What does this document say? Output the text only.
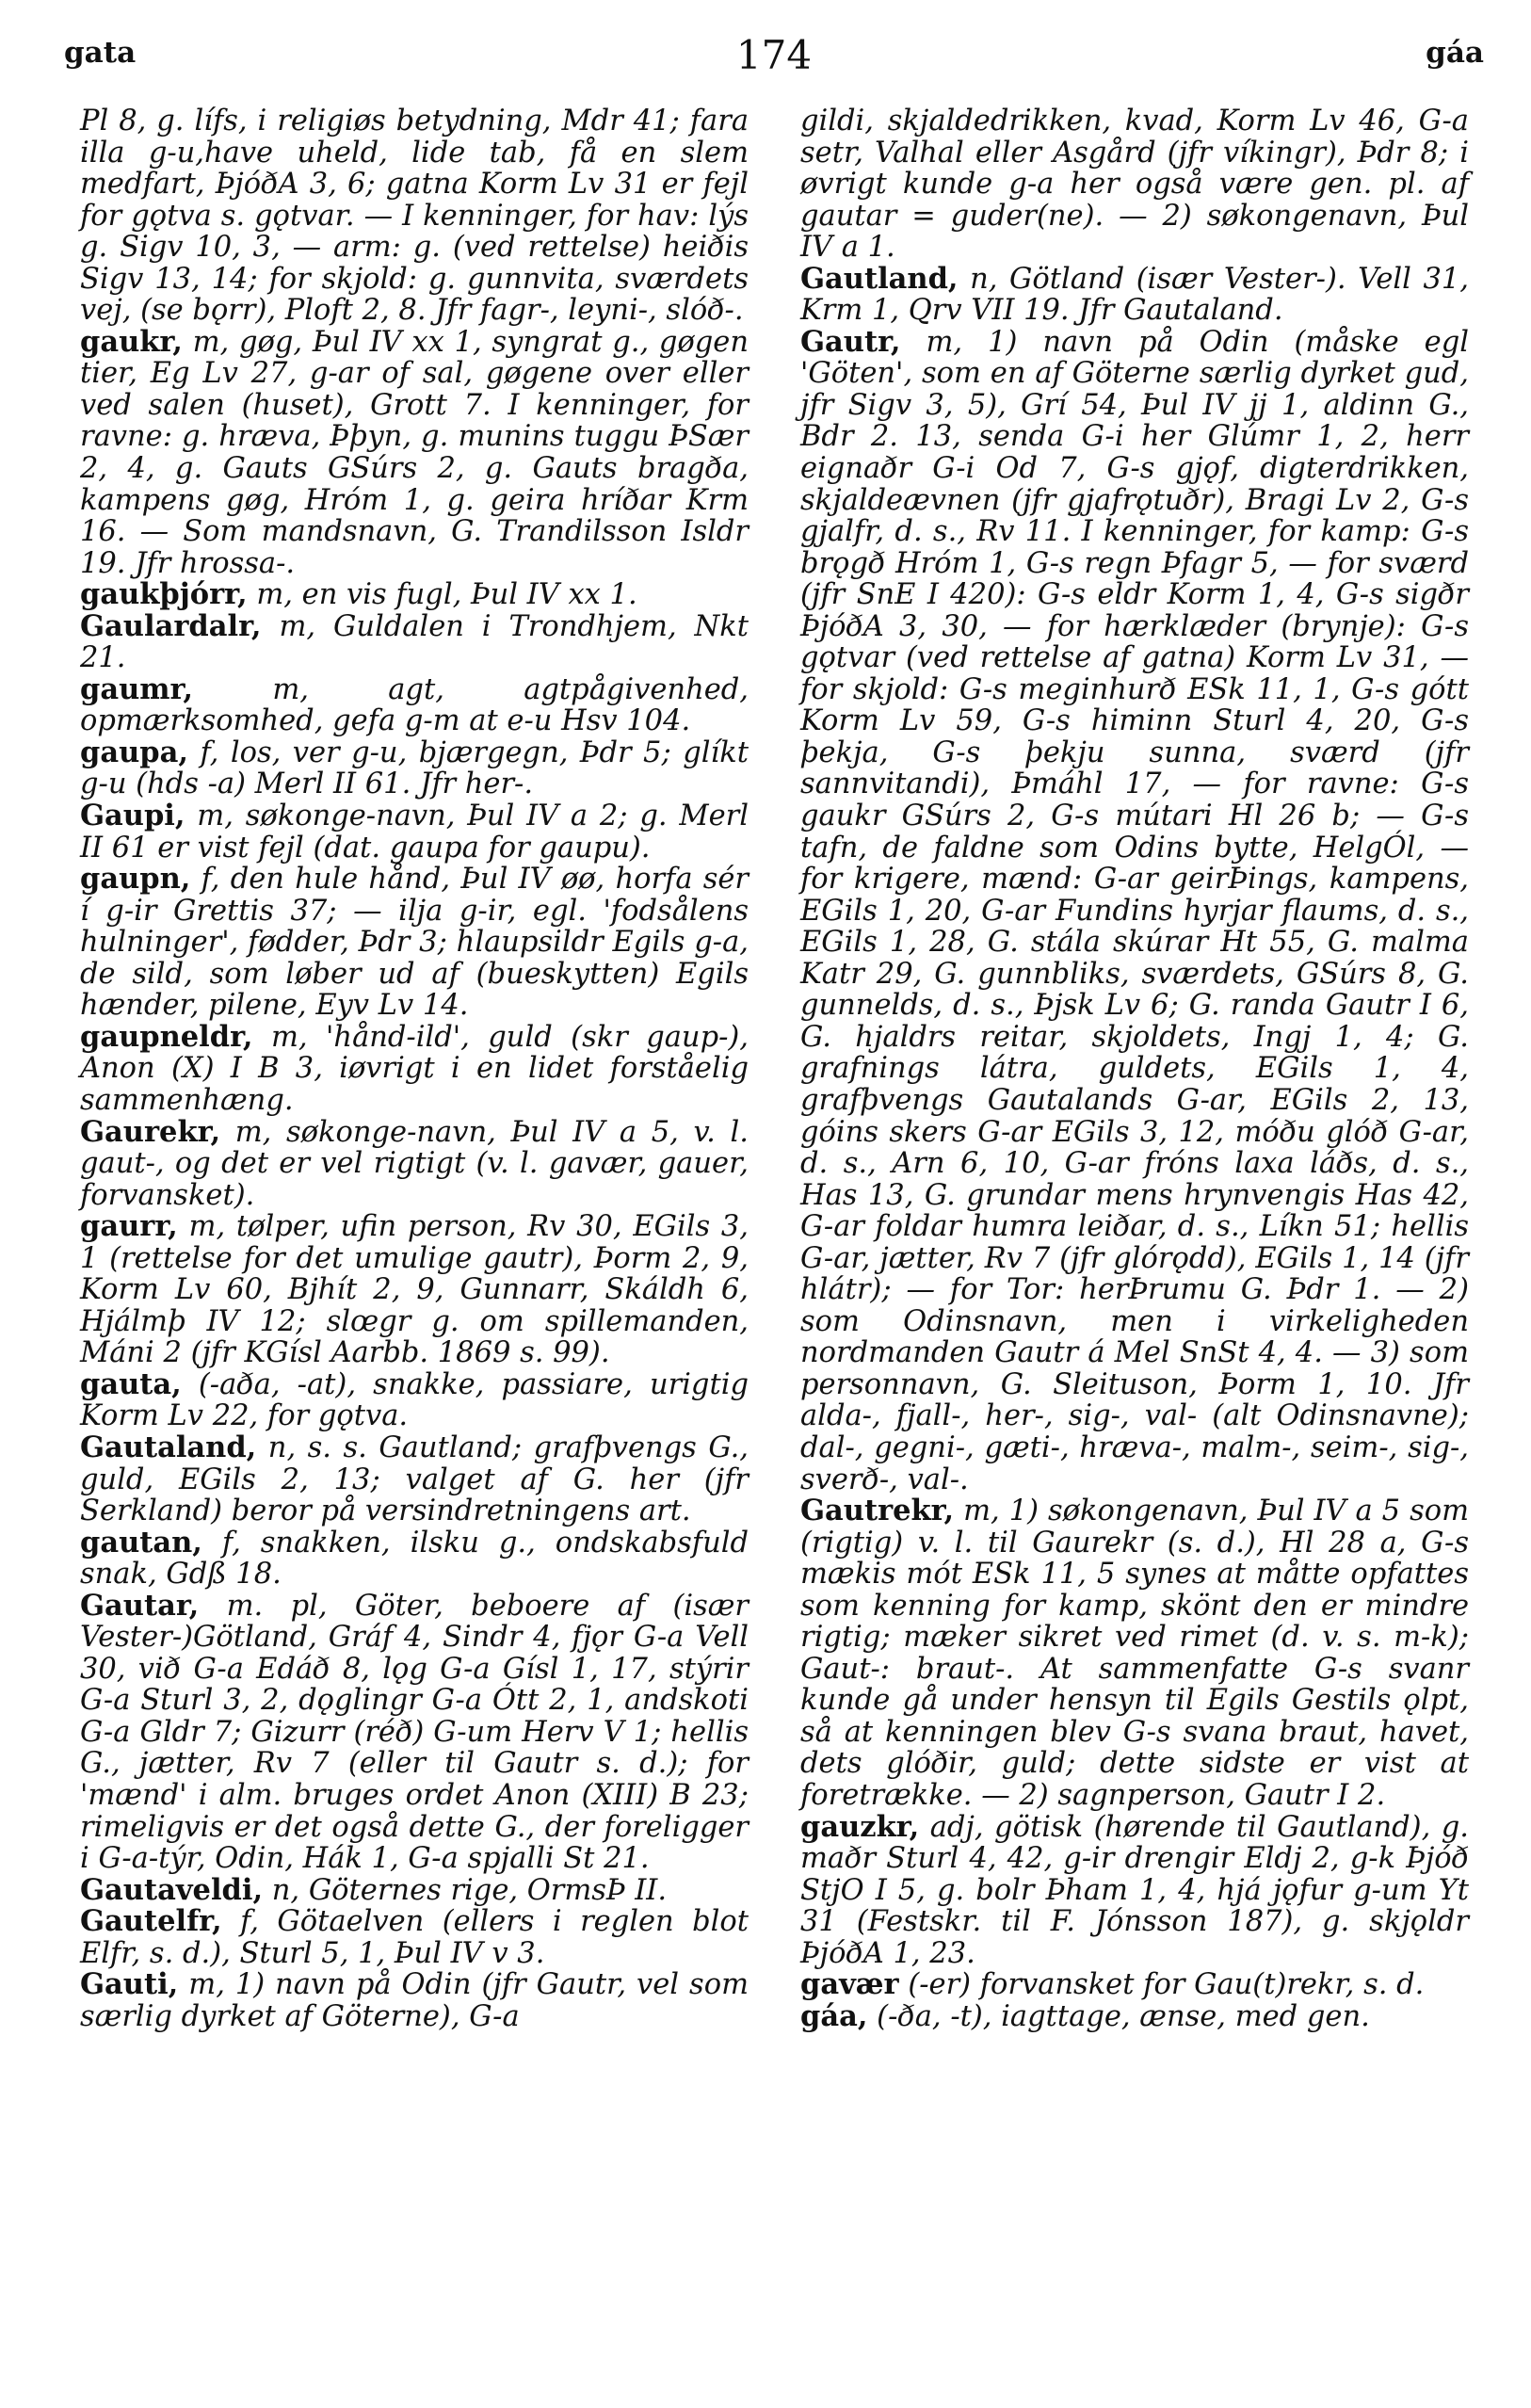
gata	174	gáa

Pl 8, g. lífs, i religiøs betydning, Mdr 41; fara illa g-u,have uheld, lide tab, få en slem medfart, ÞjóðA 3, 6; gatna Korm Lv 31 er fejl for gǫtva s. gǫtvar. — I kenninger, for hav: lýs g. Sigv 10, 3, — arm: g. (ved rettelse) heiðis Sigv 13, 14; for skjold: g. gunnvita, sværdets vej, (se bǫrr), Ploft 2, 8. Jfr fagr-, leyni-, slóð-.

gaukr, m, gøg, Þul IV xx 1, syngrat g., gøgen tier, Eg Lv 27, g-ar of sal, gøgene over eller ved salen (huset), Grott 7. I kenninger, for ravne: g. hræva, Þþyn, g. munins tuggu ÞSær 2, 4, g. Gauts GSúrs 2, g. Gauts bragða, kampens gøg, Hróm 1, g. geira hríðar Krm 16. — Som mandsnavn, G. Trandilsson Isldr 19. Jfr hrossa-.

gaukþjórr, m, en vis fugl, Þul IV xx 1.

Gaulardalr, m, Guldalen i Trondhjem, Nkt 21.

gaumr, m, agt, agtpågivenhed, opmærksomhed, gefa g-m at e-u Hsv 104.

gaupa, f, los, ver g-u, bjærgegn, Þdr 5; glíkt g-u (hds -a) Merl II 61. Jfr her-.

Gaupi, m, søkonge-navn, Þul IV a 2; g. Merl II 61 er vist fejl (dat. gaupa for gaupu).

gaupn, f, den hule hånd, Þul IV øø, horfa sér í g-ir Grettis 37; — ilja g-ir, egl. 'fodsålens hulninger', fødder, Þdr 3; hlaupsildr Egils g-a, de sild, som løber ud af (bueskytten) Egils hænder, pilene, Eyv Lv 14.

gaupneldr, m, 'hånd-ild', guld (skr gaup-), Anon (X) I B 3, iøvrigt i en lidet forståelig sammenhæng.

Gaurekr, m, søkonge-navn, Þul IV a 5, v. l. gaut-, og det er vel rigtigt (v. l. gavær, gauer, forvansket).

gaurr, m, tølper, ufin person, Rv 30, EGils 3, 1 (rettelse for det umulige gautr), Þorm 2, 9, Korm Lv 60, Bjhít 2, 9, Gunnarr, Skáldh 6, Hjálmþ IV 12; slœgr g. om spillemanden, Máni 2 (jfr KGísl Aarbb. 1869 s. 99).

gauta, (-aða, -at), snakke, passiare, urigtig Korm Lv 22, for gǫtva.

Gautaland, n, s. s. Gautland; grafþvengs G., guld, EGils 2, 13; valget af G. her (jfr Serkland) beror på versindretningens art.

gautan, f, snakken, ilsku g., ondskabsfuld snak, Gdß 18.

Gautar, m. pl, Göter, beboere af (især Vester-)Götland, Gráf 4, Sindr 4, fjǫr G-a Vell 30, við G-a Edáð 8, lǫg G-a Gísl 1, 17, stýrir G-a Sturl 3, 2, dǫglingr G-a Ótt 2, 1, andskoti G-a Gldr 7; Gizurr (réð) G-um Herv V 1; hellis G., jætter, Rv 7 (eller til Gautr s. d.); for 'mænd' i alm. bruges ordet Anon (XIII) B 23; rimeligvis er det også dette G., der foreligger i G-a-týr, Odin, Hák 1, G-a spjalli St 21.

Gautaveldi, n, Göternes rige, OrmsÞ II.

Gautelfr, f, Götaelven (ellers i reglen blot Elfr, s. d.), Sturl 5, 1, Þul IV v 3.

Gauti, m, 1) navn på Odin (jfr Gautr, vel som særlig dyrket af Göterne), G-a

gildi, skjaldedrikken, kvad, Korm Lv 46, G-a setr, Valhal eller Asgård (jfr víkingr), Þdr 8; i øvrigt kunde g-a her også være gen. pl. af gautar = guder(ne). — 2) søkongenavn, Þul IV a 1.

Gautland, n, Götland (især Vester-). Vell 31, Krm 1, Qrv VII 19. Jfr Gautaland.

Gautr, m, 1) navn på Odin (måske egl 'Göten', som en af Göterne særlig dyrket gud, jfr Sigv 3, 5), Grí 54, Þul IV jj 1, aldinn G., Bdr 2. 13, senda G-i her Glúmr 1, 2, herr eignaðr G-i Od 7, G-s gjǫf, digterdrikken, skjaldeævnen (jfr gjafrǫtuðr), Bragi Lv 2, G-s gjalfr, d. s., Rv 11. I kenninger, for kamp: G-s brǫgð Hróm 1, G-s regn Þfagr 5, — for sværd (jfr SnE I 420): G-s eldr Korm 1, 4, G-s sigðr ÞjóðA 3, 30, — for hærklæder (brynje): G-s gǫtvar (ved rettelse af gatna) Korm Lv 31, — for skjold: G-s meginhurð ESk 11, 1, G-s gótt Korm Lv 59, G-s himinn Sturl 4, 20, G-s þekja, G-s þekju sunna, sværd (jfr sannvitandi), Þmáhl 17, — for ravne: G-s gaukr GSúrs 2, G-s mútari Hl 26 b; — G-s tafn, de faldne som Odins bytte, HelgÓl, — for krigere, mænd: G-ar geirÞings, kampens, EGils 1, 20, G-ar Fundins hyrjar flaums, d. s., EGils 1, 28, G. stála skúrar Ht 55, G. malma Katr 29, G. gunnbliks, sværdets, GSúrs 8, G. gunnelds, d. s., Þjsk Lv 6; G. randa Gautr I 6, G. hjaldrs reitar, skjoldets, Ingj 1, 4; G. grafnings látra, guldets, EGils 1, 4, grafþvengs Gautalands G-ar, EGils 2, 13, góins skers G-ar EGils 3, 12, móðu glóð G-ar, d. s., Arn 6, 10, G-ar fróns laxa láðs, d. s., Has 13, G. grundar mens hrynvengis Has 42, G-ar foldar humra leiðar, d. s., Líkn 51; hellis G-ar, jætter, Rv 7 (jfr glórǫdd), EGils 1, 14 (jfr hlátr); — for Tor: herÞrumu G. Þdr 1. — 2) som Odinsnavn, men i virkeligheden nordmanden Gautr á Mel SnSt 4, 4. — 3) som personnavn, G. Sleituson, Þorm 1, 10. Jfr alda-, fjall-, her-, sig-, val- (alt Odinsnavne); dal-, gegni-, gæti-, hræva-, malm-, seim-, sig-, sverð-, val-.

Gautrekr, m, 1) søkongenavn, Þul IV a 5 som (rigtig) v. l. til Gaurekr (s. d.), Hl 28 a, G-s mækis mót ESk 11, 5 synes at måtte opfattes som kenning for kamp, skönt den er mindre rigtig; mæker sikret ved rimet (d. v. s. m-k); Gaut-: braut-. At sammenfatte G-s svanr kunde gå under hensyn til Egils Gestils ǫlpt, så at kenningen blev G-s svana braut, havet, dets glóðir, guld; dette sidste er vist at foretrække. — 2) sagnperson, Gautr I 2.

gauzkr, adj, götisk (hørende til Gautland), g. maðr Sturl 4, 42, g-ir drengir Eldj 2, g-k Þjóð StjO I 5, g. bolr Þham 1, 4, hjá jǫfur g-um Yt 31 (Festskr. til F. Jónsson 187), g. skjǫldr ÞjóðA 1, 23.

gavær (-er) forvansket for Gau(t)rekr, s. d.

gáa, (-ða, -t), iagttage, ænse, med gen.
